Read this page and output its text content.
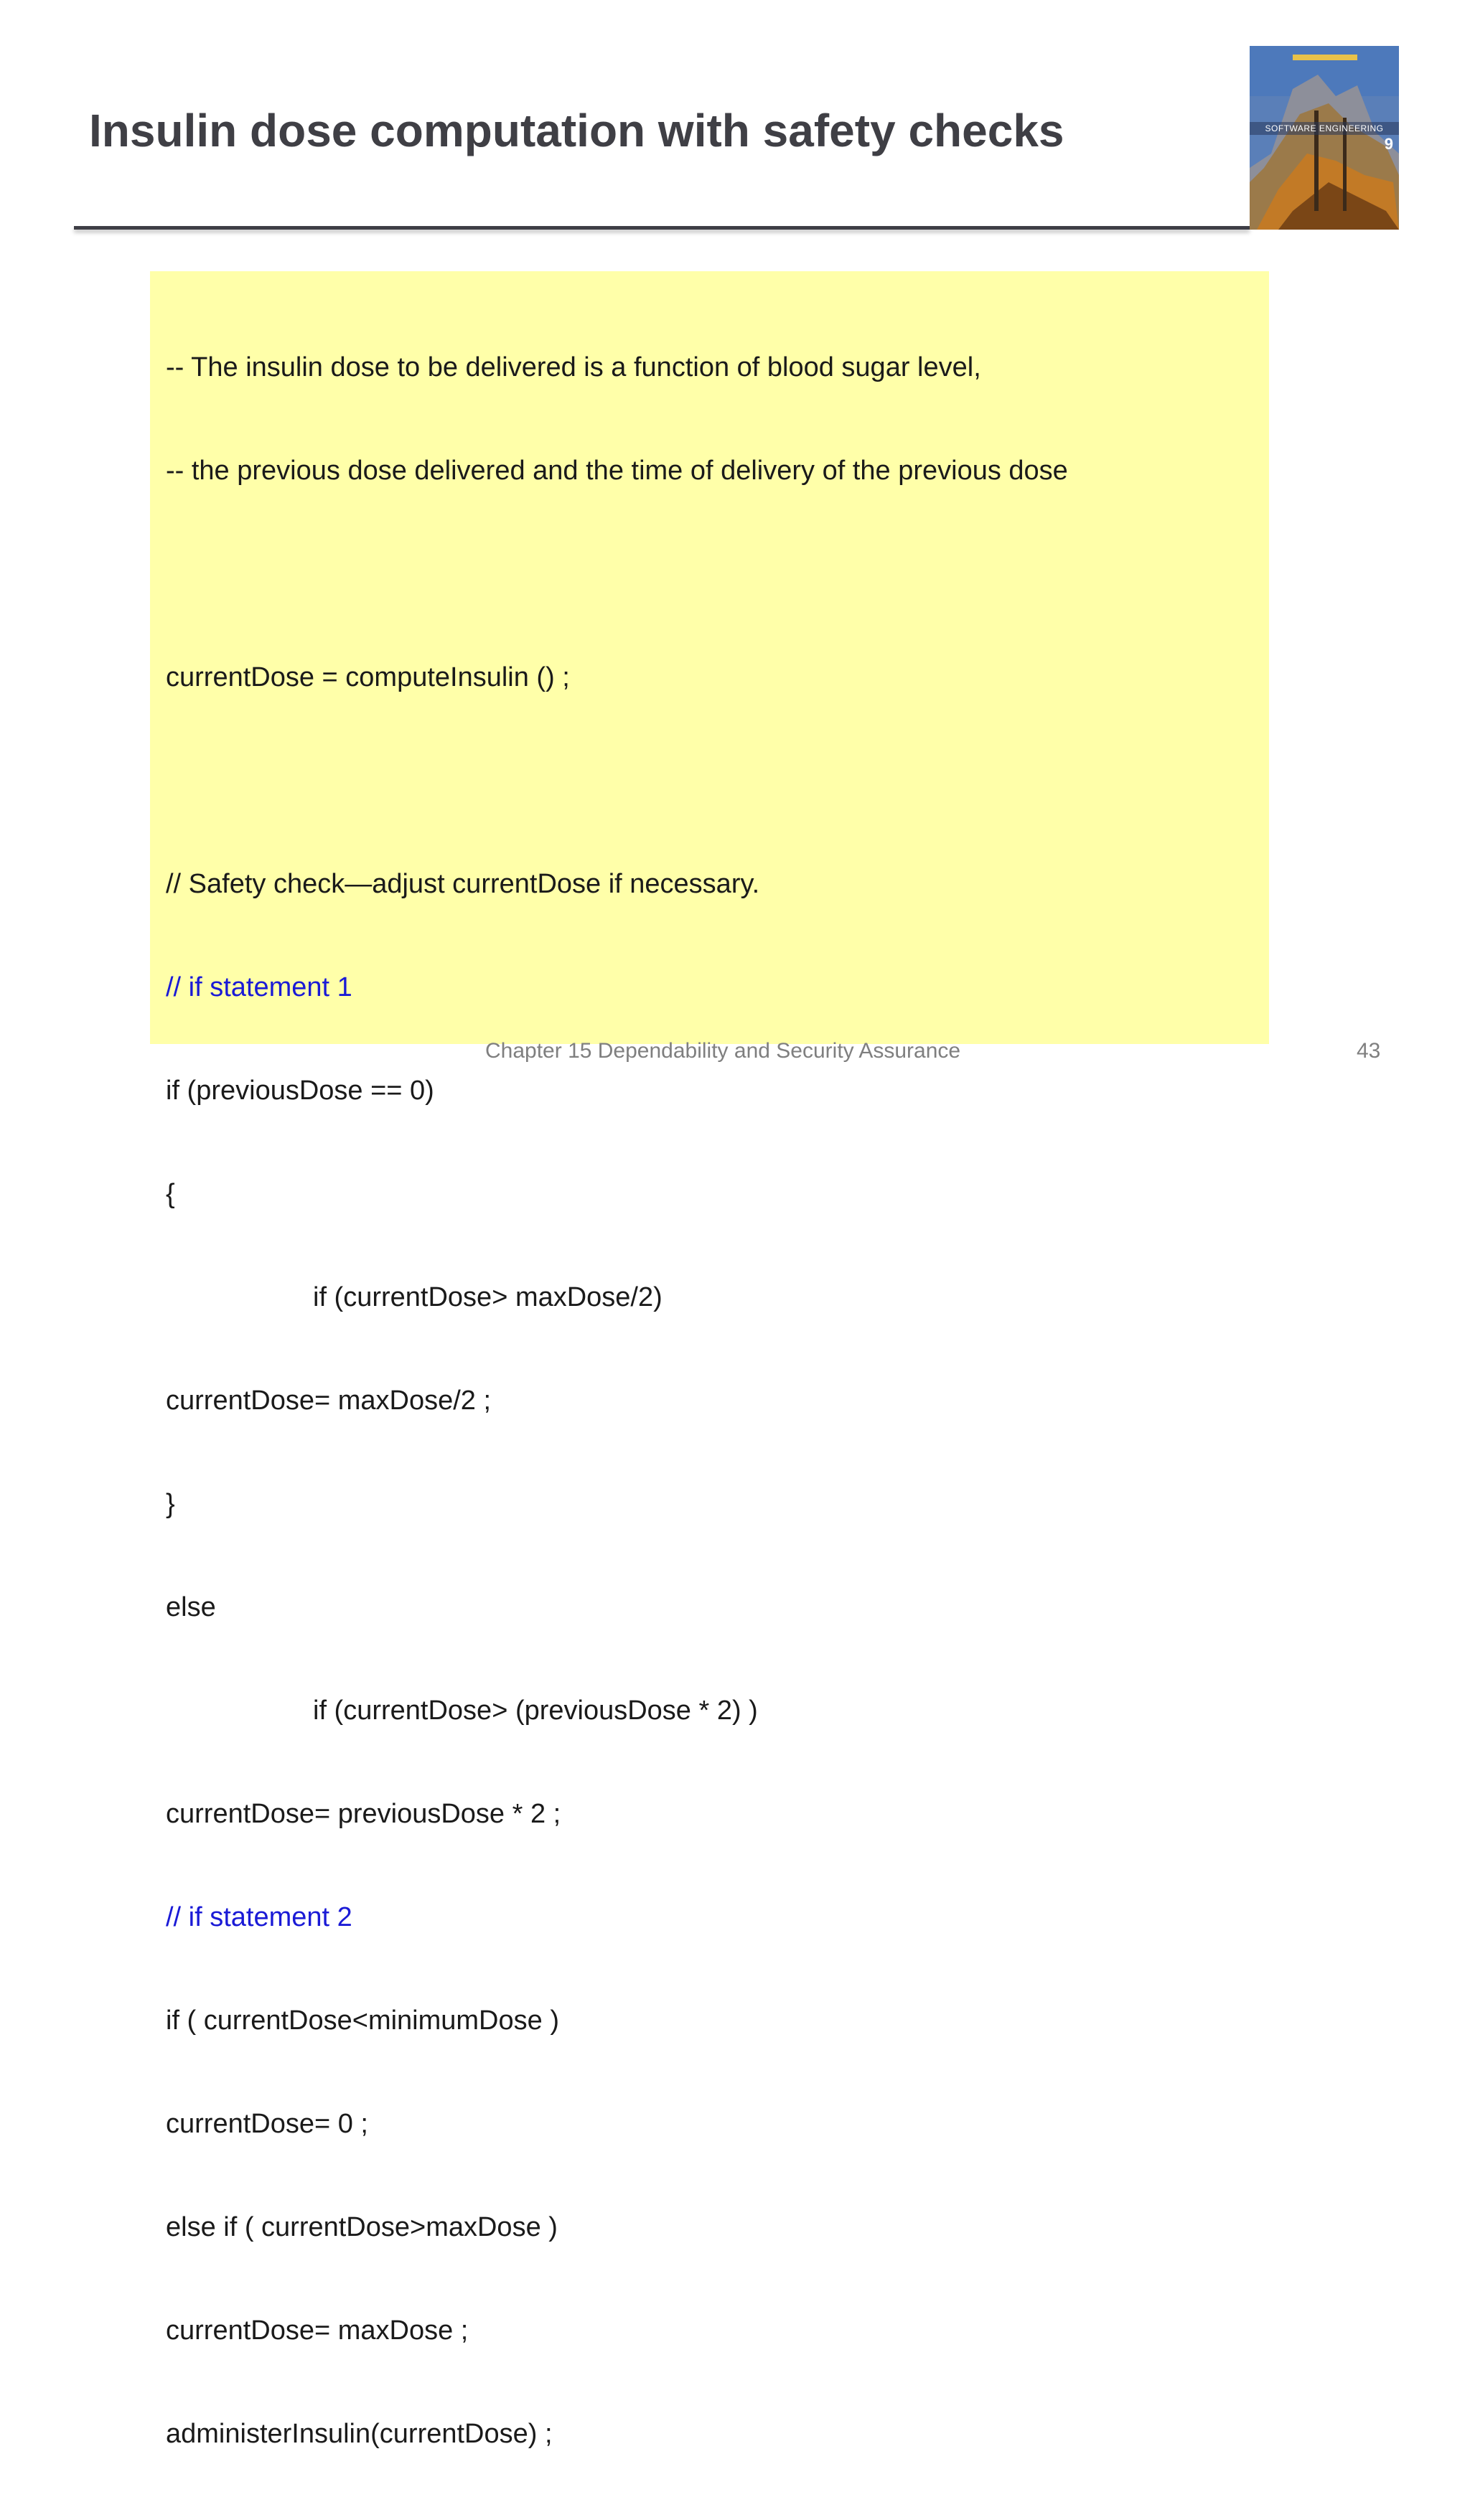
Insulin dose computation with safety checks	SOFTWARE ENGINEERING
9

-- The insulin dose to be delivered is a function of blood sugar level,

-- the previous dose delivered and the time of delivery of the previous dose

currentDose = computeInsulin () ;

// Safety check—adjust currentDose if necessary.

// if statement 1

if (previousDose == 0)

{

if (currentDose> maxDose/2)

currentDose= maxDose/2 ;

}

else

if (currentDose> (previousDose * 2) )

currentDose= previousDose * 2 ;

// if statement 2

if ( currentDose<minimumDose )

currentDose= 0 ;

else if ( currentDose>maxDose )

currentDose= maxDose ;

administerInsulin(currentDose) ;

Chapter 15 Dependability and Security Assurance	43
